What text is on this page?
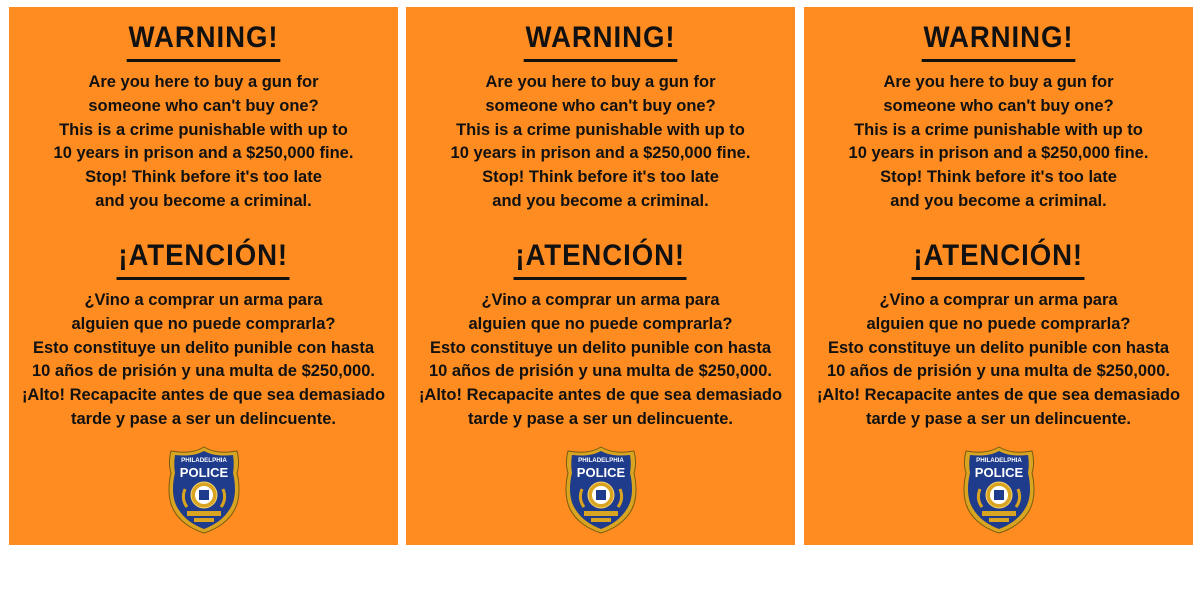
WARNING!
Are you here to buy a gun for
someone who can't buy one?
This is a crime punishable with up to
10 years in prison and a $250,000 fine.
Stop! Think before it's too late
and you become a criminal.
¡ATENCIÓN!
¿Vino a comprar un arma para
alguien que no puede comprarla?
Esto constituye un delito punible con hasta
10 años de prisión y una multa de $250,000.
¡Alto! Recapacite antes de que sea demasiado
tarde y pase a ser un delincuente.
PHILADELPHIA
POLICE
WARNING!
Are you here to buy a gun for
someone who can't buy one?
This is a crime punishable with up to
10 years in prison and a $250,000 fine.
Stop! Think before it's too late
and you become a criminal.
¡ATENCIÓN!
¿Vino a comprar un arma para
alguien que no puede comprarla?
Esto constituye un delito punible con hasta
10 años de prisión y una multa de $250,000.
¡Alto! Recapacite antes de que sea demasiado
tarde y pase a ser un delincuente.
PHILADELPHIA
POLICE
WARNING!
Are you here to buy a gun for
someone who can't buy one?
This is a crime punishable with up to
10 years in prison and a $250,000 fine.
Stop! Think before it's too late
and you become a criminal.
¡ATENCIÓN!
¿Vino a comprar un arma para
alguien que no puede comprarla?
Esto constituye un delito punible con hasta
10 años de prisión y una multa de $250,000.
¡Alto! Recapacite antes de que sea demasiado
tarde y pase a ser un delincuente.
PHILADELPHIA
POLICE
